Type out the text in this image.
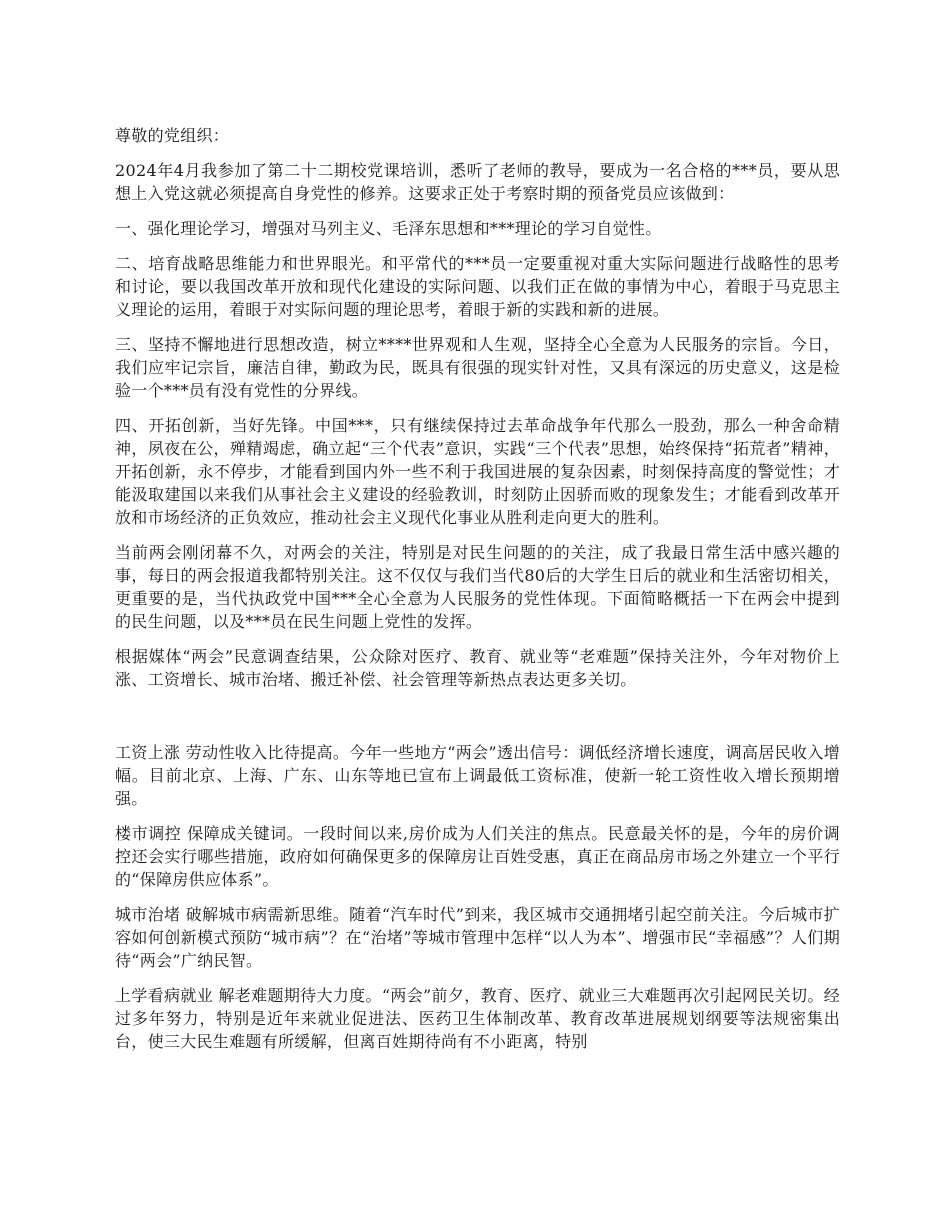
尊敬的党组织：

2024年4月我参加了第二十二期校党课培训，悉听了老师的教导，要成为一名合格的***员，要从思想上入党这就必须提高自身党性的修养。这要求正处于考察时期的预备党员应该做到：

一、强化理论学习，增强对马列主义、毛泽东思想和***理论的学习自觉性。

二、培育战略思维能力和世界眼光。和平常代的***员一定要重视对重大实际问题进行战略性的思考和讨论，要以我国改革开放和现代化建设的实际问题、以我们正在做的事情为中心，着眼于马克思主义理论的运用，着眼于对实际问题的理论思考，着眼于新的实践和新的进展。

三、坚持不懈地进行思想改造，树立****世界观和人生观，坚持全心全意为人民服务的宗旨。今日，我们应牢记宗旨，廉洁自律，勤政为民，既具有很强的现实针对性，又具有深远的历史意义，这是检验一个***员有没有党性的分界线。

四、开拓创新，当好先锋。中国***，只有继续保持过去革命战争年代那么一股劲，那么一种舍命精神，夙夜在公，殚精竭虑，确立起“三个代表”意识，实践“三个代表”思想，始终保持“拓荒者”精神，开拓创新，永不停步，才能看到国内外一些不利于我国进展的复杂因素，时刻保持高度的警觉性；才能汲取建国以来我们从事社会主义建设的经验教训，时刻防止因骄而败的现象发生；才能看到改革开放和市场经济的正负效应，推动社会主义现代化事业从胜利走向更大的胜利。

当前两会刚闭幕不久，对两会的关注，特别是对民生问题的的关注，成了我最日常生活中感兴趣的事，每日的两会报道我都特别关注。这不仅仅与我们当代80后的大学生日后的就业和生活密切相关，更重要的是，当代执政党中国***全心全意为人民服务的党性体现。下面简略概括一下在两会中提到的民生问题，以及***员在民生问题上党性的发挥。

根据媒体“两会”民意调查结果，公众除对医疗、教育、就业等“老难题”保持关注外，今年对物价上涨、工资增长、城市治堵、搬迁补偿、社会管理等新热点表达更多关切。

工资上涨 劳动性收入比待提高。今年一些地方“两会”透出信号：调低经济增长速度，调高居民收入增幅。目前北京、上海、广东、山东等地已宣布上调最低工资标准，使新一轮工资性收入增长预期增强。

楼市调控 保障成关键词。一段时间以来,房价成为人们关注的焦点。民意最关怀的是，今年的房价调控还会实行哪些措施，政府如何确保更多的保障房让百姓受惠，真正在商品房市场之外建立一个平行的“保障房供应体系”。

城市治堵 破解城市病需新思维。随着“汽车时代”到来，我区城市交通拥堵引起空前关注。今后城市扩容如何创新模式预防“城市病”？在“治堵”等城市管理中怎样“以人为本”、增强市民“幸福感”？人们期待“两会”广纳民智。

上学看病就业 解老难题期待大力度。“两会”前夕，教育、医疗、就业三大难题再次引起网民关切。经过多年努力，特别是近年来就业促进法、医药卫生体制改革、教育改革进展规划纲要等法规密集出台，使三大民生难题有所缓解，但离百姓期待尚有不小距离，特别
